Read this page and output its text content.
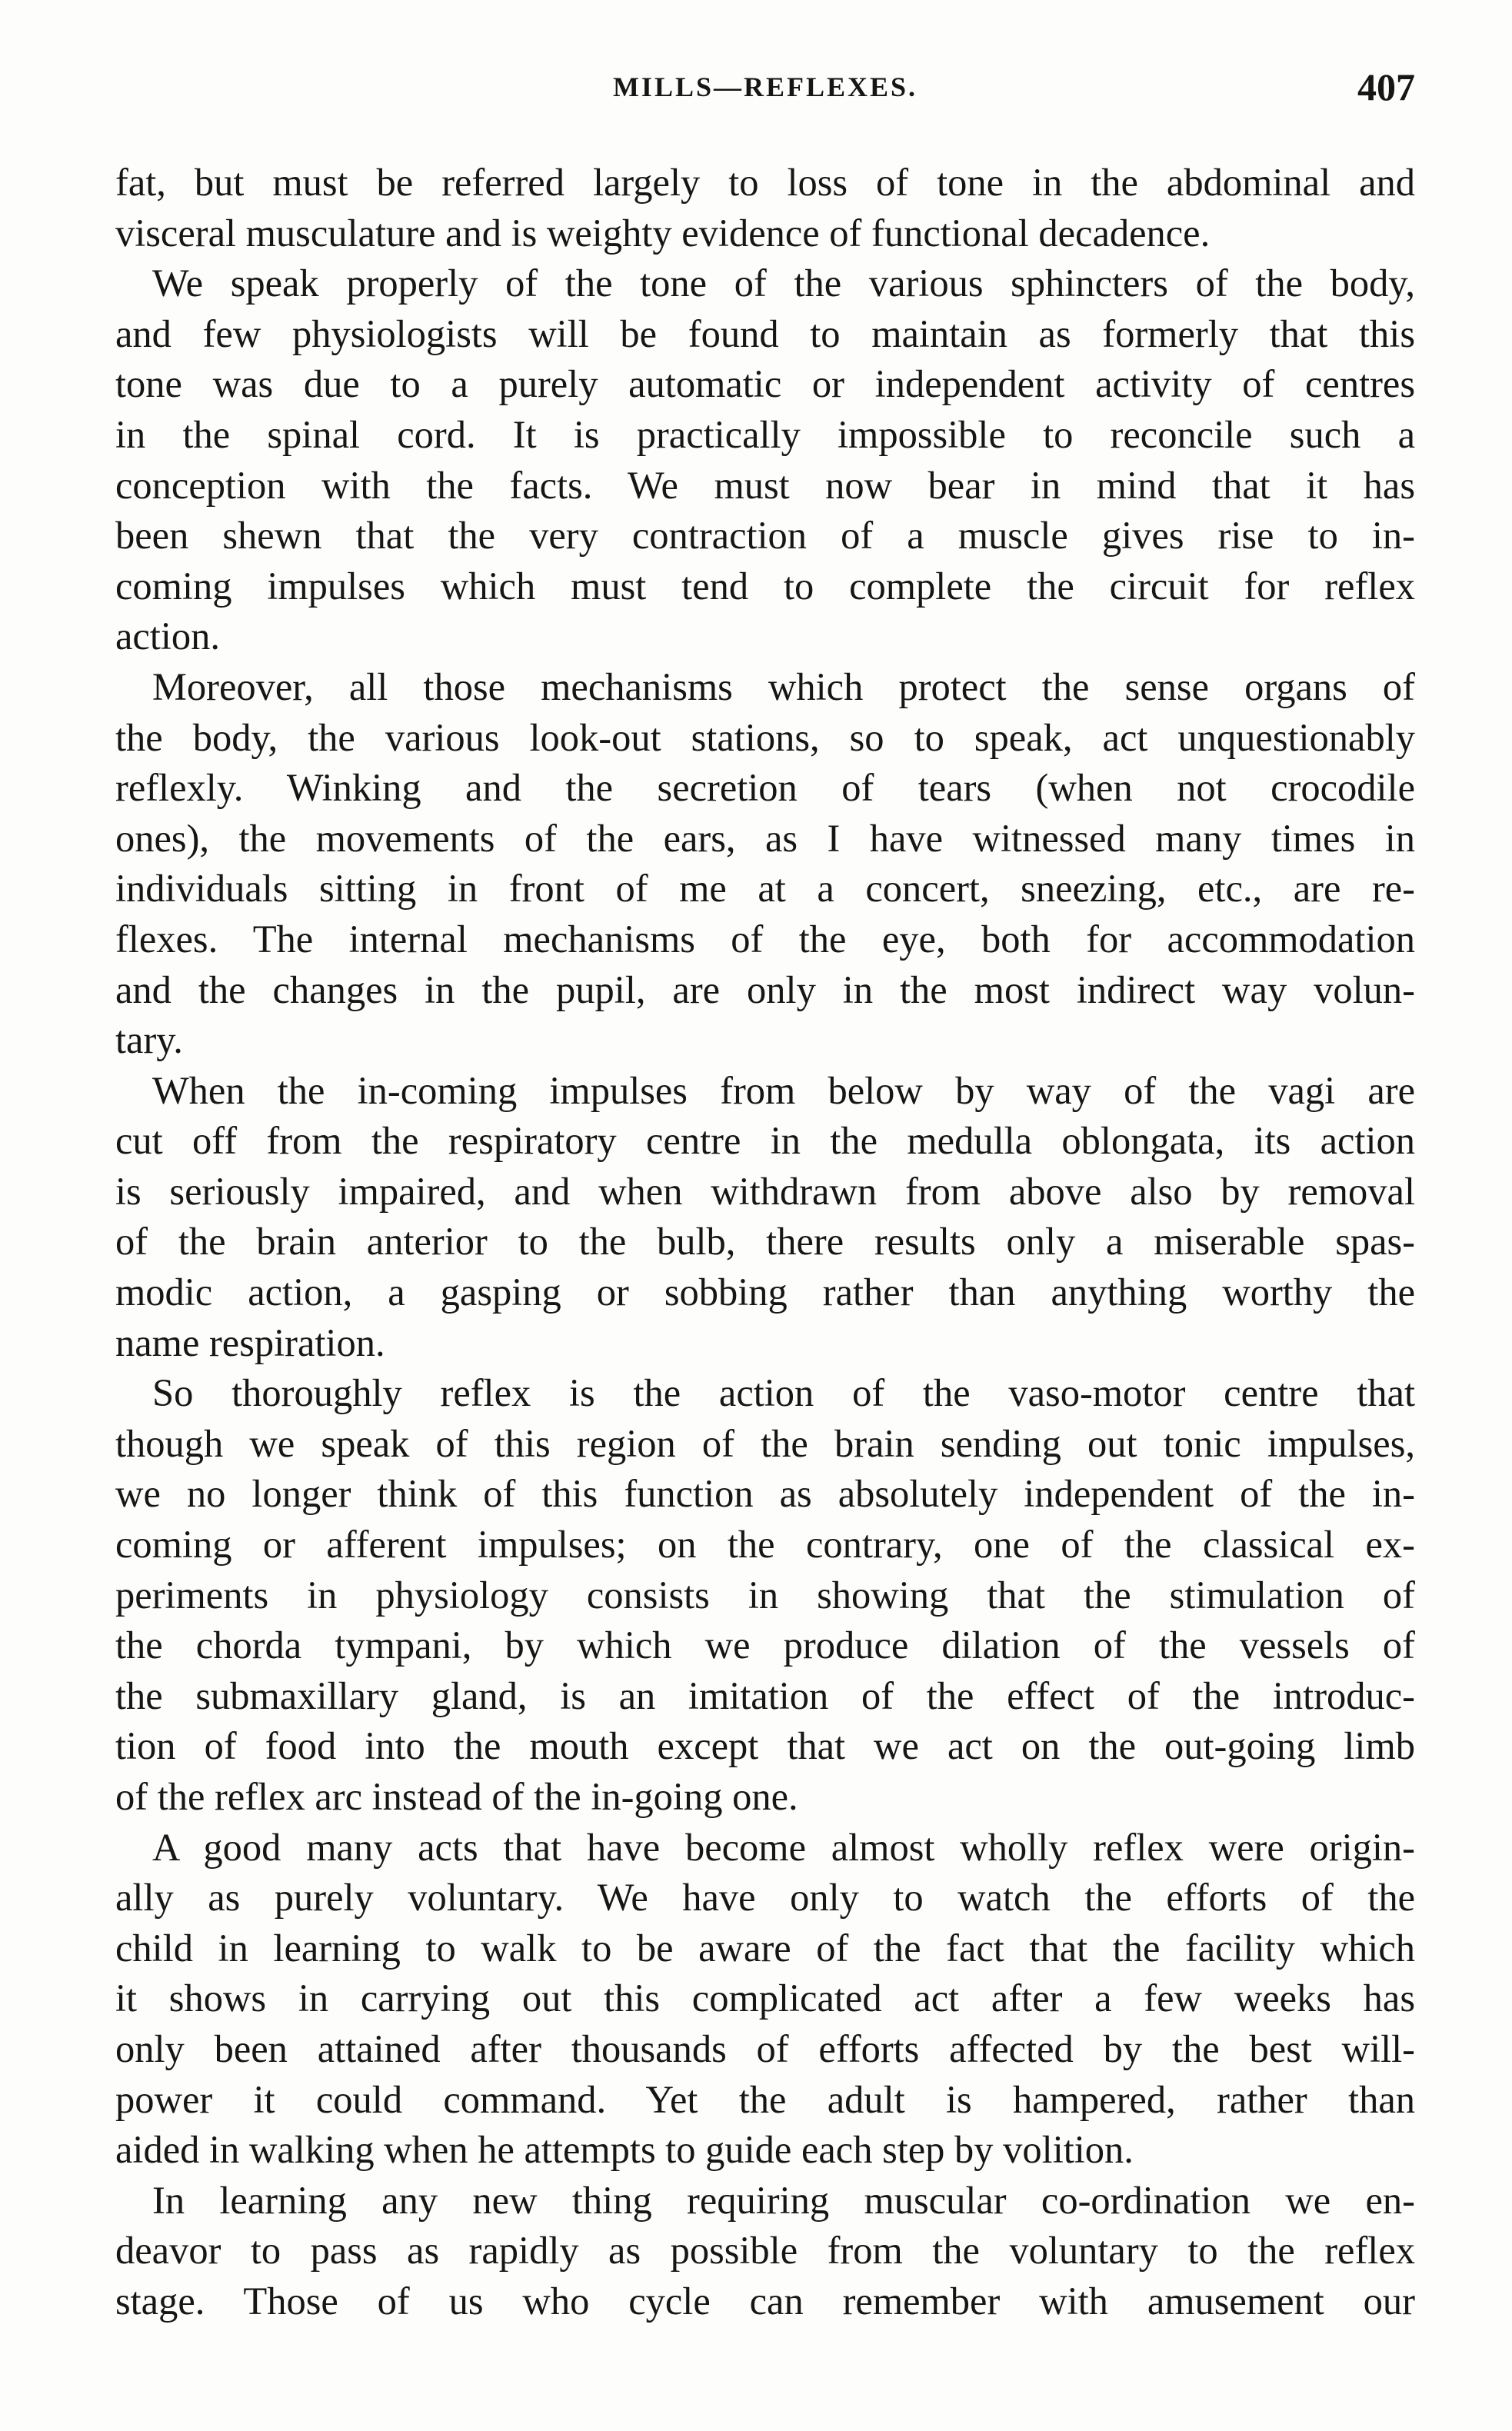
MILLS—REFLEXES.	407

fat, but must be referred largely to loss of tone in the abdominal and
visceral musculature and is weighty evidence of functional decadence.

We speak properly of the tone of the various sphincters of the body,
and few physiologists will be found to maintain as formerly that this
tone was due to a purely automatic or independent activity of centres
in the spinal cord. It is practically impossible to reconcile such a
conception with the facts. We must now bear in mind that it has
been shewn that the very contraction of a muscle gives rise to in-
coming impulses which must tend to complete the circuit for reflex
action.

Moreover, all those mechanisms which protect the sense organs of
the body, the various look-out stations, so to speak, act unquestionably
reflexly. Winking and the secretion of tears (when not crocodile
ones), the movements of the ears, as I have witnessed many times in
individuals sitting in front of me at a concert, sneezing, etc., are re-
flexes. The internal mechanisms of the eye, both for accommodation
and the changes in the pupil, are only in the most indirect way volun-
tary.

When the in-coming impulses from below by way of the vagi are
cut off from the respiratory centre in the medulla oblongata, its action
is seriously impaired, and when withdrawn from above also by removal
of the brain anterior to the bulb, there results only a miserable spas-
modic action, a gasping or sobbing rather than anything worthy the
name respiration.

So thoroughly reflex is the action of the vaso-motor centre that
though we speak of this region of the brain sending out tonic impulses,
we no longer think of this function as absolutely independent of the in-
coming or afferent impulses; on the contrary, one of the classical ex-
periments in physiology consists in showing that the stimulation of
the chorda tympani, by which we produce dilation of the vessels of
the submaxillary gland, is an imitation of the effect of the introduc-
tion of food into the mouth except that we act on the out-going limb
of the reflex arc instead of the in-going one.

A good many acts that have become almost wholly reflex were origin-
ally as purely voluntary. We have only to watch the efforts of the
child in learning to walk to be aware of the fact that the facility which
it shows in carrying out this complicated act after a few weeks has
only been attained after thousands of efforts affected by the best will-
power it could command. Yet the adult is hampered, rather than
aided in walking when he attempts to guide each step by volition.

In learning any new thing requiring muscular co-ordination we en-
deavor to pass as rapidly as possible from the voluntary to the reflex
stage. Those of us who cycle can remember with amusement our
